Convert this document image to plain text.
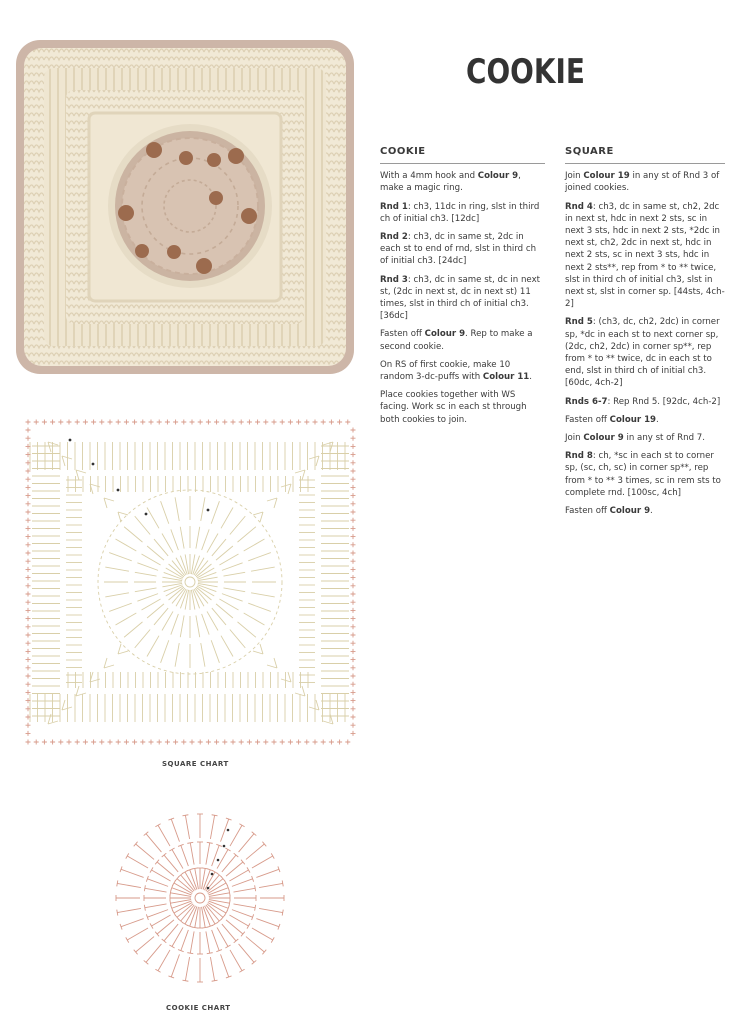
COOKIE
COOKIE

With a 4mm hook and Colour 9, make a magic ring.

Rnd 1: ch3, 11dc in ring, slst in third ch of initial ch3. [12dc]

Rnd 2: ch3, dc in same st, 2dc in each st to end of rnd, slst in third ch of initial ch3. [24dc]

Rnd 3: ch3, dc in same st, dc in next st, (2dc in next st, dc in next st) 11 times, slst in third ch of initial ch3. [36dc]

Fasten off Colour 9. Rep to make a second cookie.

On RS of first cookie, make 10 random 3-dc-puffs with Colour 11.

Place cookies together with WS facing. Work sc in each st through both cookies to join.

SQUARE

Join Colour 19 in any st of Rnd 3 of joined cookies.

Rnd 4: ch3, dc in same st, ch2, 2dc in next st, hdc in next 2 sts, sc in next 3 sts, hdc in next 2 sts, *2dc in next st, ch2, 2dc in next st, hdc in next 2 sts, sc in next 3 sts, hdc in next 2 sts**, rep from * to ** twice, slst in third ch of initial ch3, slst in next st, slst in corner sp. [44sts, 4ch-2]

Rnd 5: (ch3, dc, ch2, 2dc) in corner sp, *dc in each st to next corner sp, (2dc, ch2, 2dc) in corner sp**, rep from * to ** twice, dc in each st to end, slst in third ch of initial ch3. [60dc, 4ch-2]

Rnds 6-7: Rep Rnd 5. [92dc, 4ch-2]

Fasten off Colour 19.

Join Colour 9 in any st of Rnd 7.

Rnd 8: ch, *sc in each st to corner sp, (sc, ch, sc) in corner sp**, rep from * to ** 3 times, sc in rem sts to complete rnd. [100sc, 4ch]

Fasten off Colour 9.

SQUARE CHART
COOKIE CHART
